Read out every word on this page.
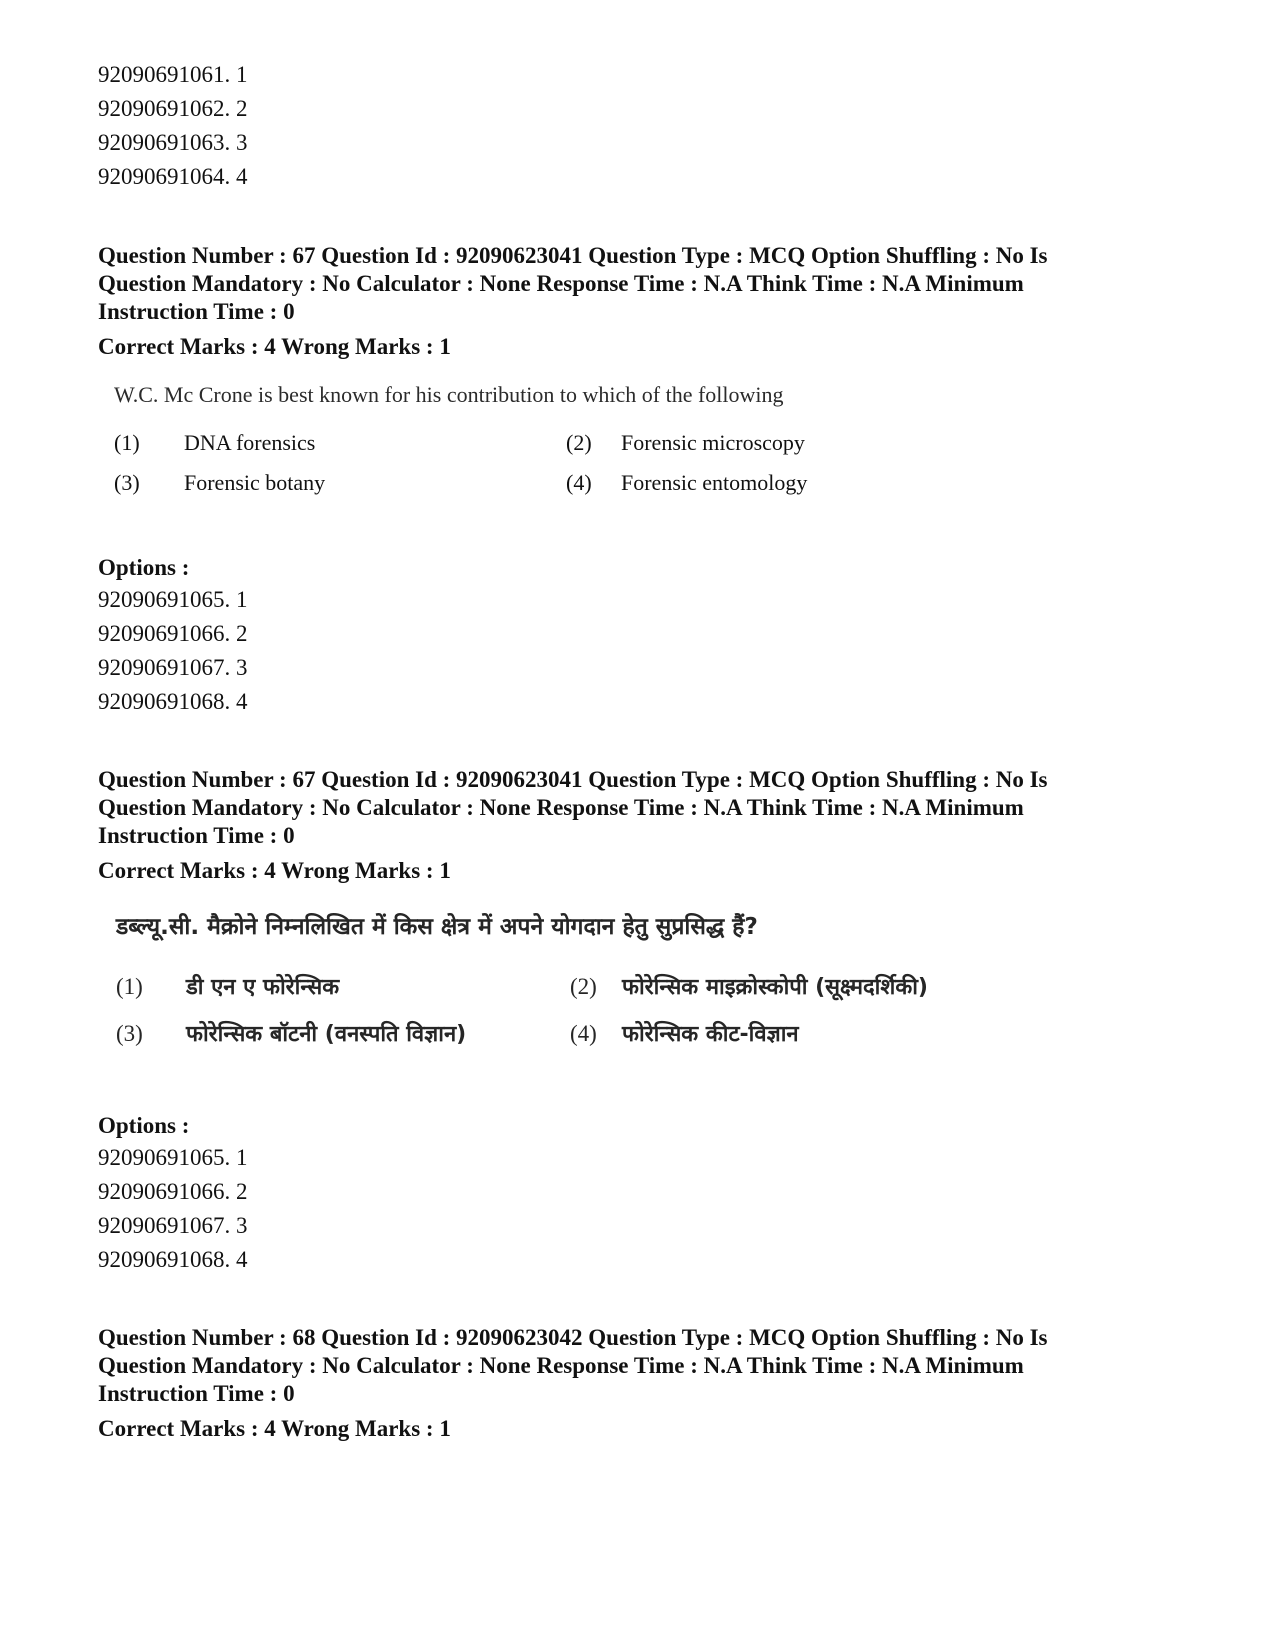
92090691061. 1
92090691062. 2
92090691063. 3
92090691064. 4
Question Number : 67 Question Id : 92090623041 Question Type : MCQ Option Shuffling : No Is
Question Mandatory : No Calculator : None Response Time : N.A Think Time : N.A Minimum
Instruction Time : 0
Correct Marks : 4 Wrong Marks : 1
W.C. Mc Crone is best known for his contribution to which of the following
(1) DNA forensics	(2) Forensic microscopy
(3) Forensic botany	(4) Forensic entomology
Options :
92090691065. 1
92090691066. 2
92090691067. 3
92090691068. 4
Question Number : 67 Question Id : 92090623041 Question Type : MCQ Option Shuffling : No Is
Question Mandatory : No Calculator : None Response Time : N.A Think Time : N.A Minimum
Instruction Time : 0
Correct Marks : 4 Wrong Marks : 1
डब्ल्यू.सी. मैक्रोने निम्नलिखित में किस क्षेत्र में अपने योगदान हेतु सुप्रसिद्ध हैं?
(1) डी एन ए फोरेन्सिक	(2) फोरेन्सिक माइक्रोस्कोपी (सूक्ष्मदर्शिकी)
(3) फोरेन्सिक बॉटनी (वनस्पति विज्ञान)	(4) फोरेन्सिक कीट-विज्ञान
Options :
92090691065. 1
92090691066. 2
92090691067. 3
92090691068. 4
Question Number : 68 Question Id : 92090623042 Question Type : MCQ Option Shuffling : No Is
Question Mandatory : No Calculator : None Response Time : N.A Think Time : N.A Minimum
Instruction Time : 0
Correct Marks : 4 Wrong Marks : 1
